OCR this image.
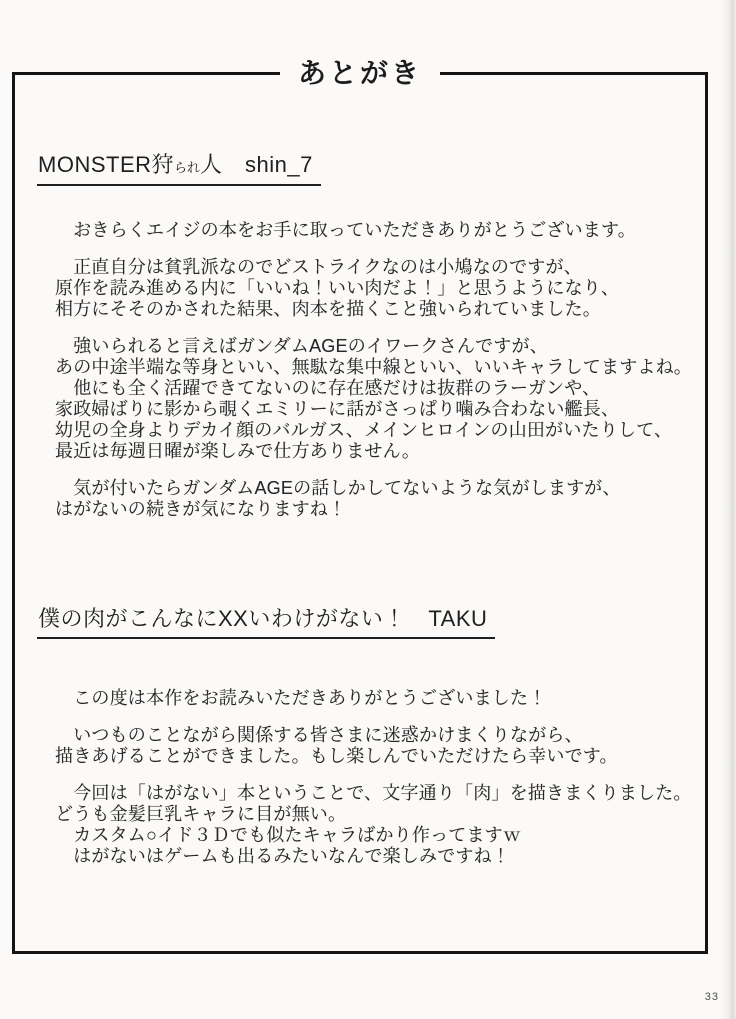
あとがき
MONSTER狩られ人　shin_7
　おきらくエイジの本をお手に取っていただきありがとうございます。
　正直自分は貧乳派なのでどストライクなのは小鳩なのですが、
原作を読み進める内に「いいね！いい肉だよ！」と思うようになり、
相方にそそのかされた結果、肉本を描くこと強いられていました。
　強いられると言えばガンダムAGEのイワークさんですが、
あの中途半端な等身といい、無駄な集中線といい、いいキャラしてますよね。
　他にも全く活躍できてないのに存在感だけは抜群のラーガンや、
家政婦ばりに影から覗くエミリーに話がさっぱり噛み合わない艦長、
幼児の全身よりデカイ顔のバルガス、メインヒロインの山田がいたりして、
最近は毎週日曜が楽しみで仕方ありません。
　気が付いたらガンダムAGEの話しかしてないような気がしますが、
はがないの続きが気になりますね！
僕の肉がこんなにXXいわけがない！　TAKU
　この度は本作をお読みいただきありがとうございました！
　いつものことながら関係する皆さまに迷惑かけまくりながら、
描きあげることができました。もし楽しんでいただけたら幸いです。
　今回は「はがない」本ということで、文字通り「肉」を描きまくりました。
どうも金髪巨乳キャラに目が無い。
　カスタム○イド３Ｄでも似たキャラばかり作ってますｗ
　はがないはゲームも出るみたいなんで楽しみですね！
33
